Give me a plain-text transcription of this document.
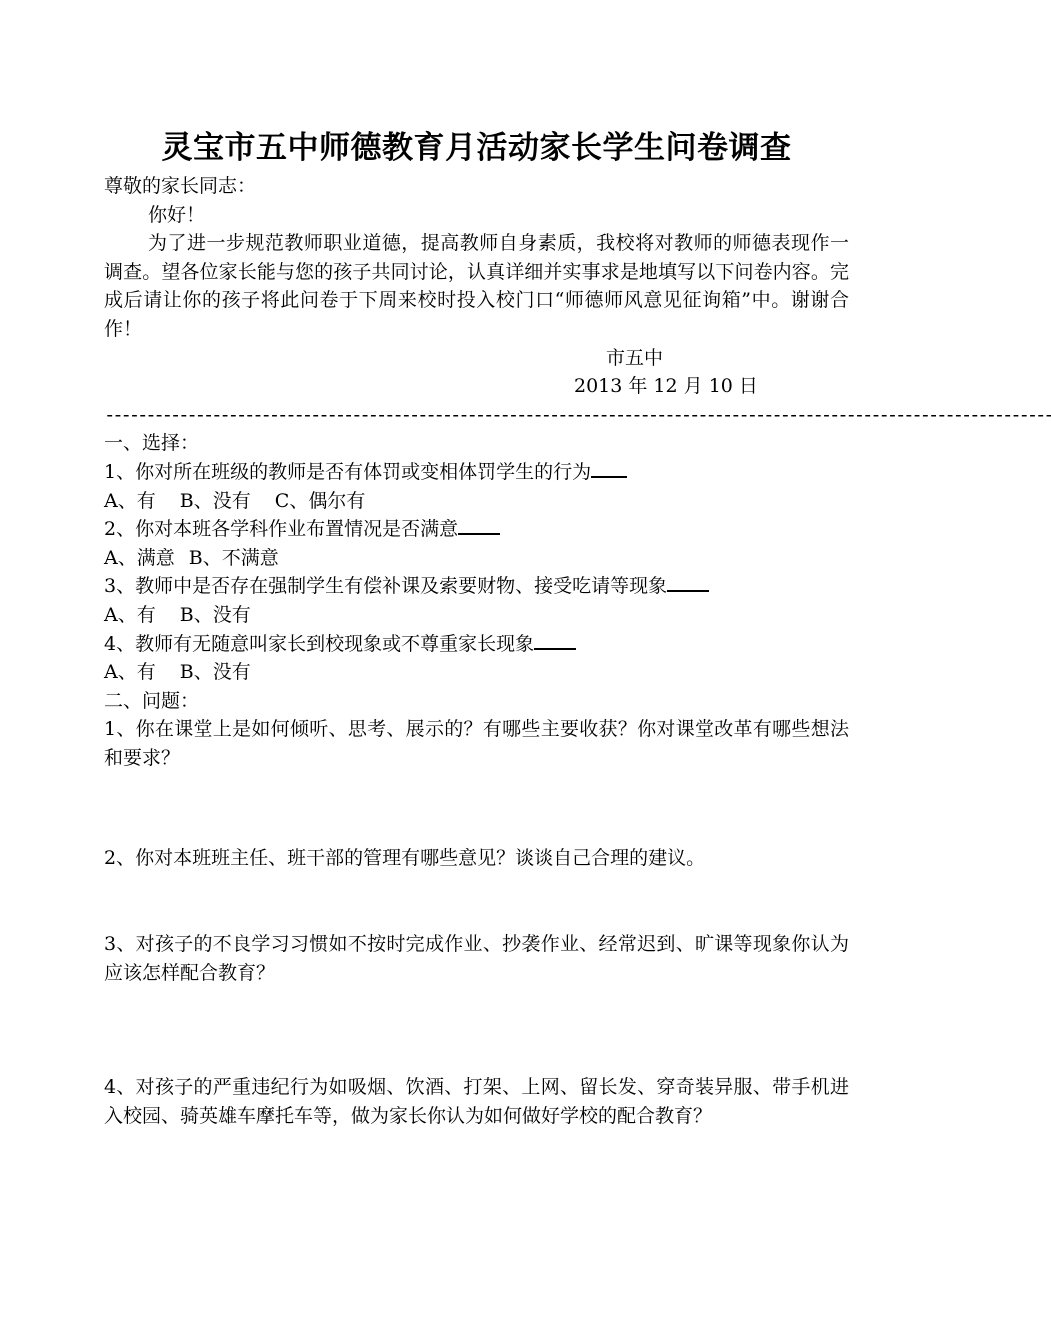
灵宝市五中师德教育月活动家长学生问卷调查
尊敬的家长同志：
你好！
为了进一步规范教师职业道德，提高教师自身素质，我校将对教师的师德表现作一调查。望各位家长能与您的孩子共同讨论，认真详细并实事求是地填写以下问卷内容。完成后请让你的孩子将此问卷于下周来校时投入校门口“师德师风意见征询箱”中。谢谢合作！
市五中
2013 年 12 月 10 日
-------------------------------------------------------------------------------------------------------------------
一、选择：
1、你对所在班级的教师是否有体罚或变相体罚学生的行为
A、有 B、没有 C、偶尔有
2、你对本班各学科作业布置情况是否满意
A、满意 B、不满意
3、教师中是否存在强制学生有偿补课及索要财物、接受吃请等现象
A、有 B、没有
4、教师有无随意叫家长到校现象或不尊重家长现象
A、有 B、没有
二、问题：
1、你在课堂上是如何倾听、思考、展示的？有哪些主要收获？你对课堂改革有哪些想法和要求？
2、你对本班班主任、班干部的管理有哪些意见？谈谈自己合理的建议。
3、对孩子的不良学习习惯如不按时完成作业、抄袭作业、经常迟到、旷课等现象你认为应该怎样配合教育？
4、对孩子的严重违纪行为如吸烟、饮酒、打架、上网、留长发、穿奇装异服、带手机进入校园、骑英雄车摩托车等，做为家长你认为如何做好学校的配合教育？
